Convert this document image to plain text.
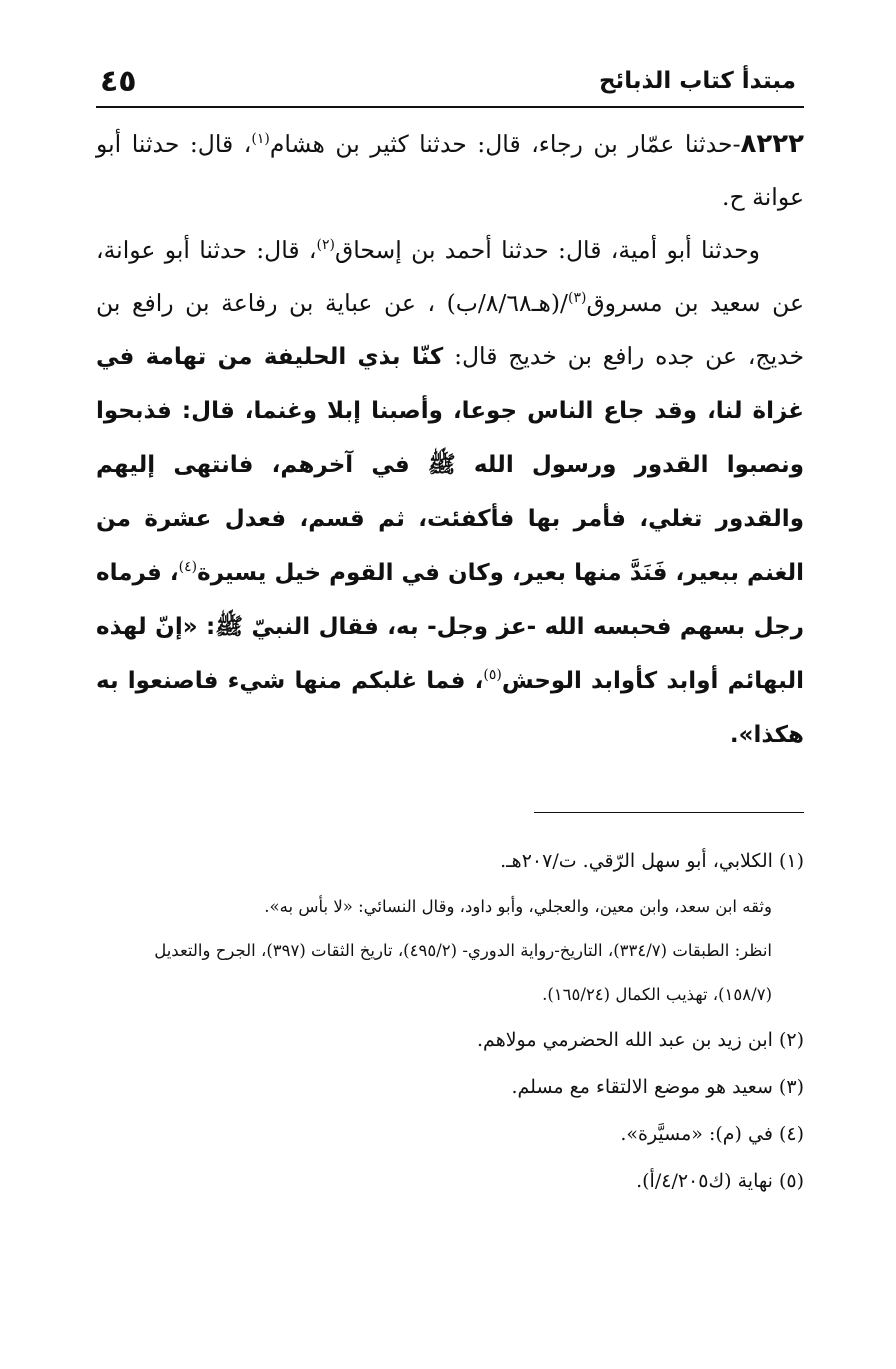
٤٥	مبتدأ كتاب الذبائح

٨٢٢٢-حدثنا عمّار بن رجاء، قال: حدثنا كثير بن هشام$^{(١)}$، قال: حدثنا أبو عوانة ح.

وحدثنا أبو أمية، قال: حدثنا أحمد بن إسحاق$^{(٢)}$، قال: حدثنا أبو عوانة، عن سعيد بن مسروق$^{(٣)}$/(هـ٨/٦٨/ب) ، عن عباية بن رفاعة بن رافع بن خديج، عن جده رافع بن خديج قال: كنّا بذي الحليفة من تهامة في غزاة لنا، وقد جاع الناس جوعا، وأصبنا إبلا وغنما، قال: فذبحوا ونصبوا القدور ورسول الله ﷺ في آخرهم، فانتهى إليهم والقدور تغلي، فأمر بها فأكفئت، ثم قسم، فعدل عشرة من الغنم ببعير، فَنَدَّ منها بعير، وكان في القوم خيل يسيرة$^{(٤)}$، فرماه رجل بسهم فحبسه الله -عز وجل- به، فقال النبيّ ﷺ: «إنّ لهذه البهائم أوابد كأوابد الوحش$^{(٥)}$، فما غلبكم منها شيء فاصنعوا به هكذا».

(١) الكلابي، أبو سهل الرّقي. ت/٢٠٧هـ.

وثقه ابن سعد، وابن معين، والعجلي، وأبو داود، وقال النسائي: «لا بأس به».

انظر: الطبقات (٣٣٤/٧)، التاريخ-رواية الدوري- (٤٩٥/٢)، تاريخ الثقات (٣٩٧)، الجرح والتعديل (١٥٨/٧)، تهذيب الكمال (١٦٥/٢٤).

(٢) ابن زيد بن عبد الله الحضرمي مولاهم.

(٣) سعيد هو موضع الالتقاء مع مسلم.

(٤) في (م): «مسيَّرة».

(٥) نهاية (ك٤/٢٠٥/أ).
